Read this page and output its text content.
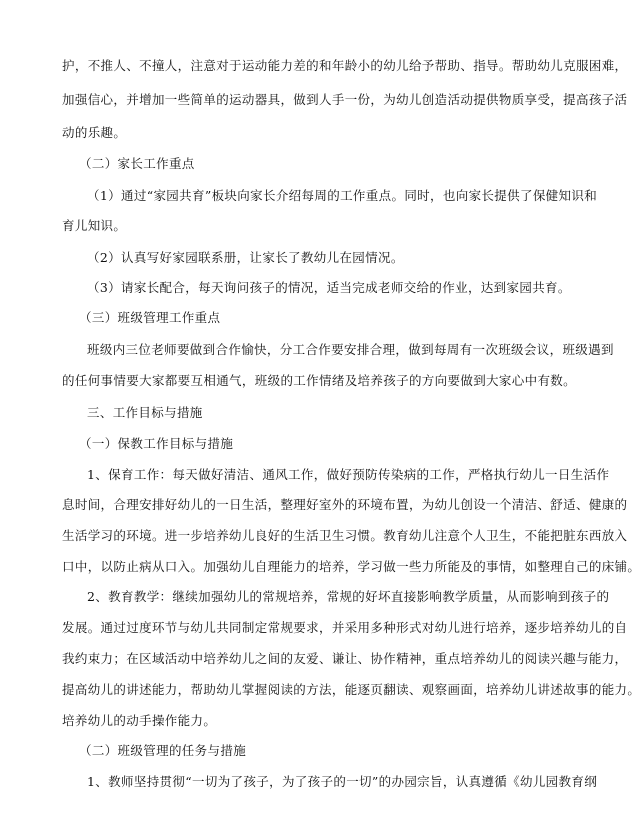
护，不推人、不撞人，注意对于运动能力差的和年龄小的幼儿给予帮助、指导。帮助幼儿克服困难，
加强信心，并增加一些简单的运动器具，做到人手一份，为幼儿创造活动提供物质享受，提高孩子活
动的乐趣。
（二）家长工作重点
（1）通过“家园共育”板块向家长介绍每周的工作重点。同时，也向家长提供了保健知识和
育儿知识。
（2）认真写好家园联系册，让家长了教幼儿在园情况。
（3）请家长配合，每天询问孩子的情况，适当完成老师交给的作业，达到家园共育。
（三）班级管理工作重点
班级内三位老师要做到合作愉快，分工合作要安排合理，做到每周有一次班级会议，班级遇到
的任何事情要大家都要互相通气，班级的工作情绪及培养孩子的方向要做到大家心中有数。
三、工作目标与措施
（一）保教工作目标与措施
1、保育工作：每天做好清洁、通风工作，做好预防传染病的工作，严格执行幼儿一日生活作
息时间，合理安排好幼儿的一日生活，整理好室外的环境布置，为幼儿创设一个清洁、舒适、健康的
生活学习的环境。进一步培养幼儿良好的生活卫生习惯。教育幼儿注意个人卫生，不能把脏东西放入
口中，以防止病从口入。加强幼儿自理能力的培养，学习做一些力所能及的事情，如整理自己的床铺。
2、教育教学：继续加强幼儿的常规培养，常规的好坏直接影响教学质量，从而影响到孩子的
发展。通过过度环节与幼儿共同制定常规要求，并采用多种形式对幼儿进行培养，逐步培养幼儿的自
我约束力；在区域活动中培养幼儿之间的友爱、谦让、协作精神，重点培养幼儿的阅读兴趣与能力，
提高幼儿的讲述能力，帮助幼儿掌握阅读的方法，能逐页翻读、观察画面，培养幼儿讲述故事的能力。
培养幼儿的动手操作能力。
（二）班级管理的任务与措施
1、教师坚持贯彻“一切为了孩子，为了孩子的一切”的办园宗旨，认真遵循《幼儿园教育纲
